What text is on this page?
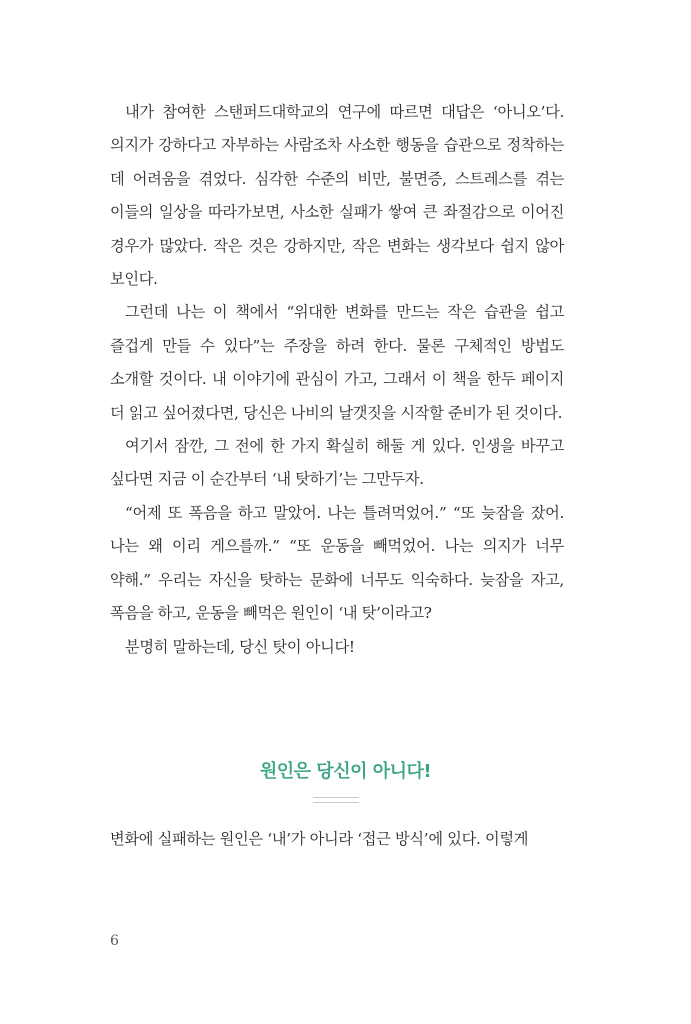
내가 참여한 스탠퍼드대학교의 연구에 따르면 대답은 ‘아니오’다. 의지가 강하다고 자부하는 사람조차 사소한 행동을 습관으로 정착하는 데 어려움을 겪었다. 심각한 수준의 비만, 불면증, 스트레스를 겪는 이들의 일상을 따라가보면, 사소한 실패가 쌓여 큰 좌절감으로 이어진 경우가 많았다. 작은 것은 강하지만, 작은 변화는 생각보다 쉽지 않아 보인다.

그런데 나는 이 책에서 “위대한 변화를 만드는 작은 습관을 쉽고 즐겁게 만들 수 있다”는 주장을 하려 한다. 물론 구체적인 방법도 소개할 것이다. 내 이야기에 관심이 가고, 그래서 이 책을 한두 페이지 더 읽고 싶어졌다면, 당신은 나비의 날갯짓을 시작할 준비가 된 것이다.

여기서 잠깐, 그 전에 한 가지 확실히 해둘 게 있다. 인생을 바꾸고 싶다면 지금 이 순간부터 ‘내 탓하기’는 그만두자.

“어제 또 폭음을 하고 말았어. 나는 틀려먹었어.” “또 늦잠을 잤어. 나는 왜 이리 게으를까.” “또 운동을 빼먹었어. 나는 의지가 너무 약해.” 우리는 자신을 탓하는 문화에 너무도 익숙하다. 늦잠을 자고, 폭음을 하고, 운동을 빼먹은 원인이 ‘내 탓’이라고?

분명히 말하는데, 당신 탓이 아니다!

원인은 당신이 아니다!

변화에 실패하는 원인은 ‘내’가 아니라 ‘접근 방식’에 있다. 이렇게

6
